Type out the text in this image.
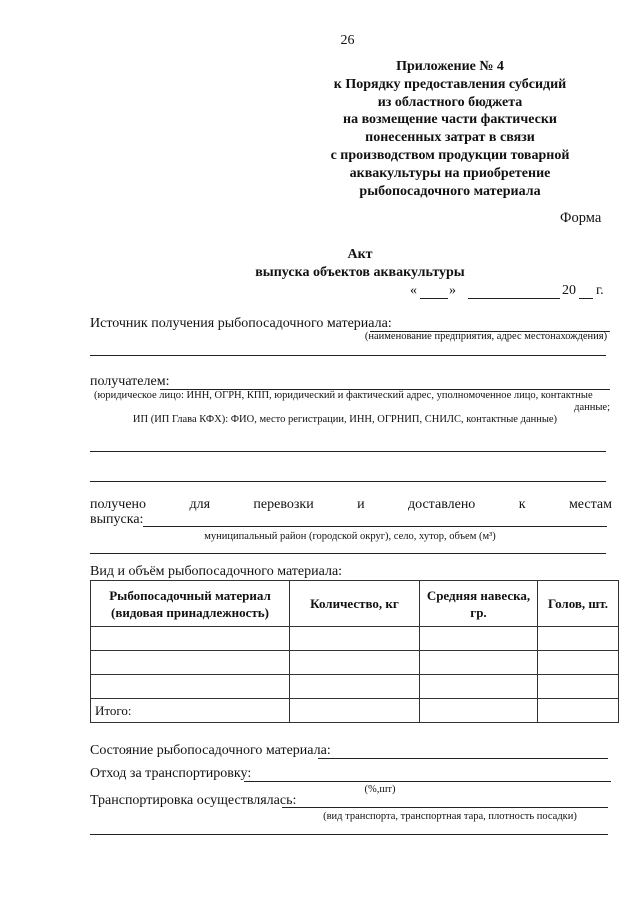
26
Приложение № 4
к Порядку предоставления субсидий
из областного бюджета
на возмещение части фактически
понесенных затрат в связи
с производством продукции товарной
аквакультуры на приобретение
рыбопосадочного материала
Форма
Акт
выпуска объектов аквакультуры
« »	20 г.
Источник получения рыбопосадочного материала:
(наименование предприятия, адрес местонахождения)
получателем:
(юридическое лицо: ИНН, ОГРН, КПП, юридический и фактический адрес, уполномоченное лицо, контактные
данные;
ИП (ИП Глава КФХ): ФИО, место регистрации, ИНН, ОГРНИП, СНИЛС, контактные данные)
получено	для	перевозки	и	доставлено	к	местам
выпуска:
муниципальный район (городской округ), село, хутор, объем (м³)
Вид и объём рыбопосадочного материала:
Рыбопосадочный материал (видовая принадлежность)	Количество, кг	Средняя навеска, гр.	Голов, шт.

Итого:			
Состояние рыбопосадочного материала:
Отход за транспортировку:
(%,шт)
Транспортировка осуществлялась:
(вид транспорта, транспортная тара, плотность посадки)
